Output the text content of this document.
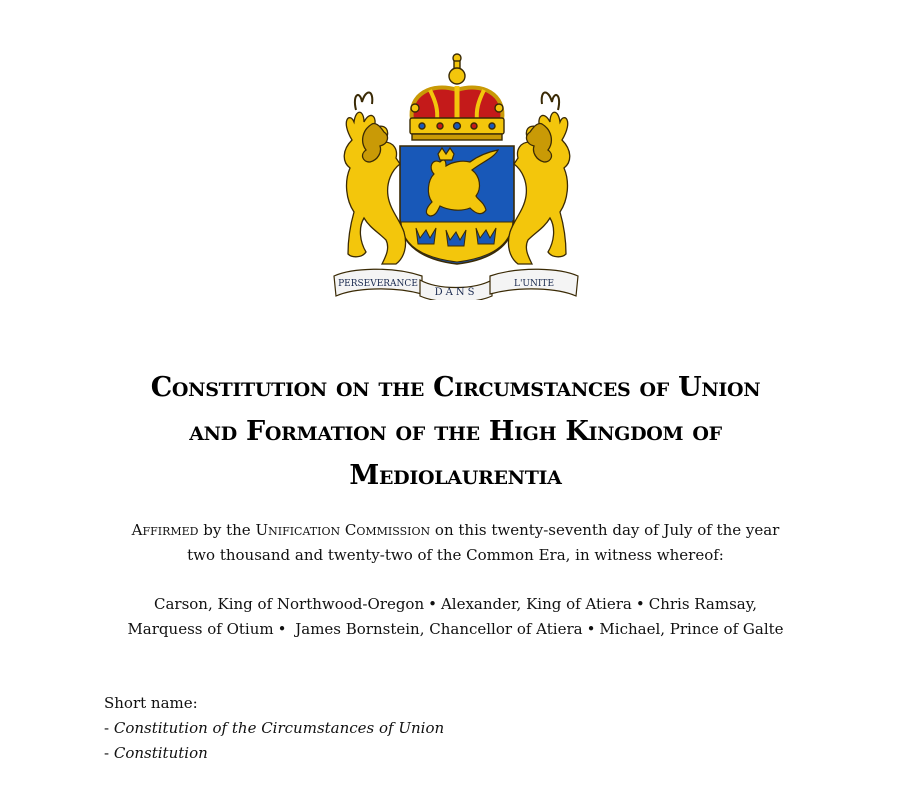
PERSEVERANCE
DANS
L'UNITE
Constitution on the Circumstances of Union
and Formation of the High Kingdom of
Mediolaurentia

Affirmed by the Unification Commission on this twenty-seventh day of July of the year
two thousand and twenty-two of the Common Era, in witness whereof:

Carson, King of Northwood-Oregon • Alexander, King of Atiera • Chris Ramsay,
Marquess of Otium • James Bornstein, Chancellor of Atiera • Michael, Prince of Galte

Short name:
- Constitution of the Circumstances of Union
- Constitution
